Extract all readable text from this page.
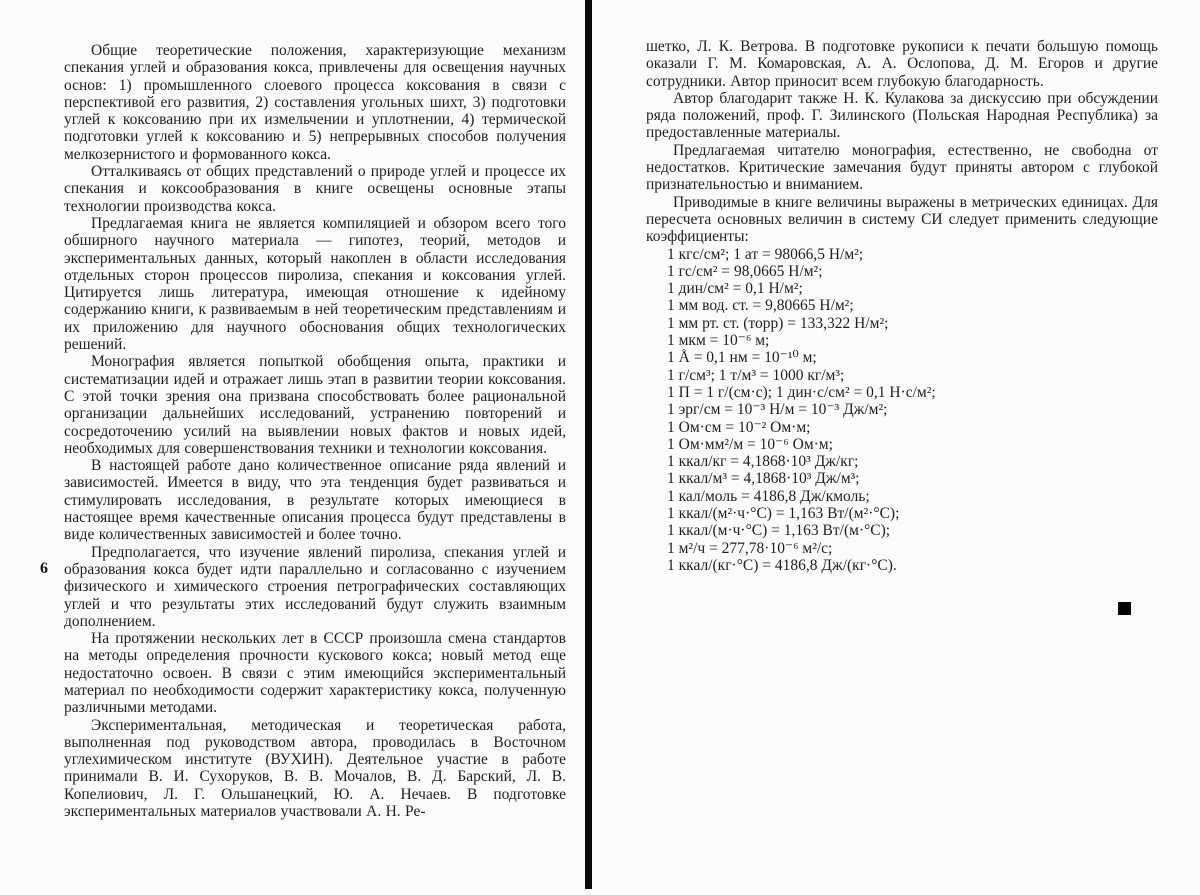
6

Общие теоретические положения, характеризующие механизм спекания углей и образования кокса, привлечены для освещения научных основ: 1) промышленного слоевого процесса коксования в связи с перспективой его развития, 2) составления угольных шихт, 3) подготовки углей к коксованию при их измельчении и уплотнении, 4) термической подготовки углей к коксованию и 5) непрерывных способов получения мелкозернистого и формованного кокса.

Отталкиваясь от общих представлений о природе углей и процессе их спекания и коксообразования в книге освещены основные этапы технологии производства кокса.

Предлагаемая книга не является компиляцией и обзором всего того обширного научного материала — гипотез, теорий, методов и экспериментальных данных, который накоплен в области исследования отдельных сторон процессов пиролиза, спекания и коксования углей. Цитируется лишь литература, имеющая отношение к идейному содержанию книги, к развиваемым в ней теоретическим представлениям и их приложению для научного обоснования общих технологических решений.

Монография является попыткой обобщения опыта, практики и систематизации идей и отражает лишь этап в развитии теории коксования. С этой точки зрения она призвана способствовать более рациональной организации дальнейших исследований, устранению повторений и сосредоточению усилий на выявлении новых фактов и новых идей, необходимых для совершенствования техники и технологии коксования.

В настоящей работе дано количественное описание ряда явлений и зависимостей. Имеется в виду, что эта тенденция будет развиваться и стимулировать исследования, в результате которых имеющиеся в настоящее время качественные описания процесса будут представлены в виде количественных зависимостей и более точно.

Предполагается, что изучение явлений пиролиза, спекания углей и образования кокса будет идти параллельно и согласованно с изучением физического и химического строения петрографических составляющих углей и что результаты этих исследований будут служить взаимным дополнением.

На протяжении нескольких лет в СССР произошла смена стандартов на методы определения прочности кускового кокса; новый метод еще недостаточно освоен. В связи с этим имеющийся экспериментальный материал по необходимости содержит характеристику кокса, полученную различными методами.

Экспериментальная, методическая и теоретическая работа, выполненная под руководством автора, проводилась в Восточном углехимическом институте (ВУХИН). Деятельное участие в работе принимали В. И. Сухоруков, В. В. Мочалов, В. Д. Барский, Л. В. Копелиович, Л. Г. Ольшанецкий, Ю. А. Нечаев. В подготовке экспериментальных материалов участвовали А. Н. Ре-

шетко, Л. К. Ветрова. В подготовке рукописи к печати большую помощь оказали Г. М. Комаровская, А. А. Ослопова, Д. М. Егоров и другие сотрудники. Автор приносит всем глубокую благодарность.

Автор благодарит также Н. К. Кулакова за дискуссию при обсуждении ряда положений, проф. Г. Зилинского (Польская Народная Республика) за предоставленные материалы.

Предлагаемая читателю монография, естественно, не свободна от недостатков. Критические замечания будут приняты автором с глубокой признательностью и вниманием.

Приводимые в книге величины выражены в метрических единицах. Для пересчета основных величин в систему СИ следует применить следующие коэффициенты:

1 кгс/см²; 1 ат = 98066,5 Н/м²;
1 гс/см² = 98,0665 Н/м²;
1 дин/см² = 0,1 Н/м²;
1 мм вод. ст. = 9,80665 Н/м²;
1 мм рт. ст. (торр) = 133,322 Н/м²;
1 мкм = 10⁻⁶ м;
1 Å = 0,1 нм = 10⁻¹⁰ м;
1 г/см³; 1 т/м³ = 1000 кг/м³;
1 П = 1 г/(см·с); 1 дин·с/см² = 0,1 Н·с/м²;
1 эрг/см = 10⁻³ Н/м = 10⁻³ Дж/м²;
1 Ом·см = 10⁻² Ом·м;
1 Ом·мм²/м = 10⁻⁶ Ом·м;
1 ккал/кг = 4,1868·10³ Дж/кг;
1 ккал/м³ = 4,1868·10³ Дж/м³;
1 кал/моль = 4186,8 Дж/кмоль;
1 ккал/(м²·ч·°С) = 1,163 Вт/(м²·°С);
1 ккал/(м·ч·°С) = 1,163 Вт/(м·°С);
1 м²/ч = 277,78·10⁻⁶ м²/с;
1 ккал/(кг·°С) = 4186,8 Дж/(кг·°С).
